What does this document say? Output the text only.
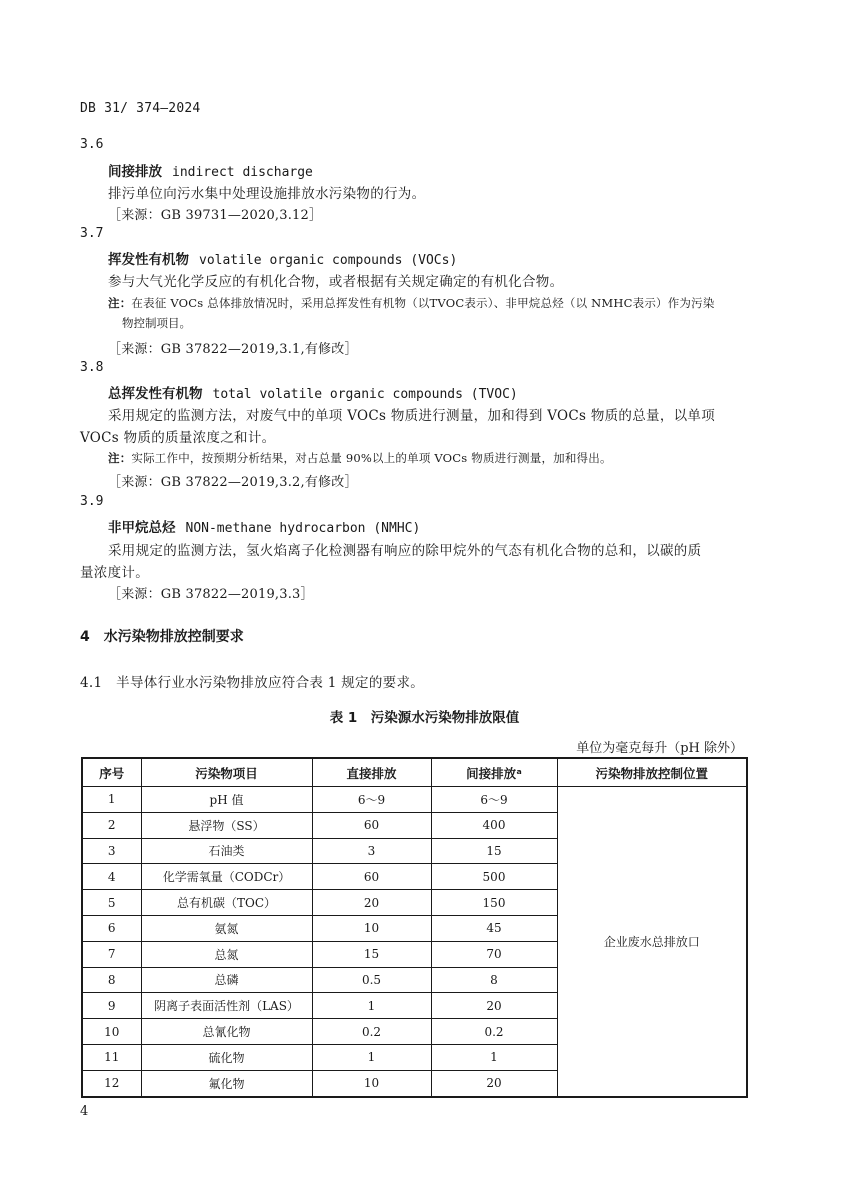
DB 31/ 374—2024
3.6
间接排放 indirect discharge
排污单位向污水集中处理设施排放水污染物的行为。
［来源：GB 39731—2020,3.12］
3.7
挥发性有机物 volatile organic compounds (VOCs)
参与大气光化学反应的有机化合物，或者根据有关规定确定的有机化合物。
注：在表征 VOCs 总体排放情况时，采用总挥发性有机物（以TVOC表示）、非甲烷总烃（以 NMHC表示）作为污染
物控制项目。
［来源：GB 37822—2019,3.1,有修改］
3.8
总挥发性有机物 total volatile organic compounds (TVOC)
采用规定的监测方法，对废气中的单项 VOCs 物质进行测量，加和得到 VOCs 物质的总量，以单项
VOCs 物质的质量浓度之和计。
注：实际工作中，按预期分析结果，对占总量 90%以上的单项 VOCs 物质进行测量，加和得出。
［来源：GB 37822—2019,3.2,有修改］
3.9
非甲烷总烃 NON-methane hydrocarbon (NMHC)
采用规定的监测方法，氢火焰离子化检测器有响应的除甲烷外的气态有机化合物的总和，以碳的质
量浓度计。
［来源：GB 37822—2019,3.3］
4　水污染物排放控制要求
4.1　半导体行业水污染物排放应符合表 1 规定的要求。
表 1　污染源水污染物排放限值
单位为毫克每升（pH 除外）
序号	污染物项目	直接排放	间接排放ᵃ	污染物排放控制位置
1	pH 值	6～9	6～9	企业废水总排放口
2	悬浮物（SS）	60	400	
3	石油类	3	15	
4	化学需氧量（CODCr）	60	500	
5	总有机碳（TOC）	20	150	
6	氨氮	10	45	
7	总氮	15	70	
8	总磷	0.5	8	
9	阴离子表面活性剂（LAS）	1	20	
10	总氰化物	0.2	0.2	
11	硫化物	1	1	
12	氟化物	10	20	
4
